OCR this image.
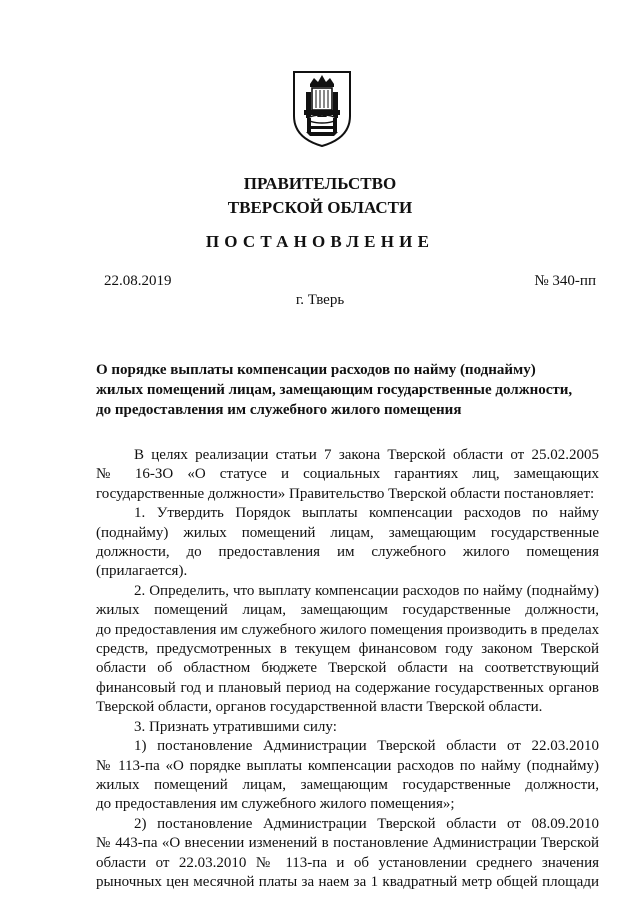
ПРАВИТЕЛЬСТВО
ТВЕРСКОЙ ОБЛАСТИ
ПОСТАНОВЛЕНИЕ
22.08.2019	№ 340-пп
г. Тверь
О порядке выплаты компенсации расходов по найму (поднайму)
жилых помещений лицам, замещающим государственные должности,
до предоставления им служебного жилого помещения
В целях реализации статьи 7 закона Тверской области от 25.02.2005
№ 16-ЗО «О статусе и социальных гарантиях лиц, замещающих
государственные должности» Правительство Тверской области постановляет:
1. Утвердить Порядок выплаты компенсации расходов по найму
(поднайму) жилых помещений лицам, замещающим государственные
должности, до предоставления им служебного жилого помещения
(прилагается).
2. Определить, что выплату компенсации расходов по найму (поднайму)
жилых помещений лицам, замещающим государственные должности,
до предоставления им служебного жилого помещения производить в пределах
средств, предусмотренных в текущем финансовом году законом Тверской
области об областном бюджете Тверской области на соответствующий
финансовый год и плановый период на содержание государственных органов
Тверской области, органов государственной власти Тверской области.
3. Признать утратившими силу:
1) постановление Администрации Тверской области от 22.03.2010
№ 113-па «О порядке выплаты компенсации расходов по найму (поднайму)
жилых помещений лицам, замещающим государственные должности,
до предоставления им служебного жилого помещения»;
2) постановление Администрации Тверской области от 08.09.2010
№ 443-па «О внесении изменений в постановление Администрации Тверской
области от 22.03.2010 № 113-па и об установлении среднего значения
рыночных цен месячной платы за наем за 1 квадратный метр общей площади
